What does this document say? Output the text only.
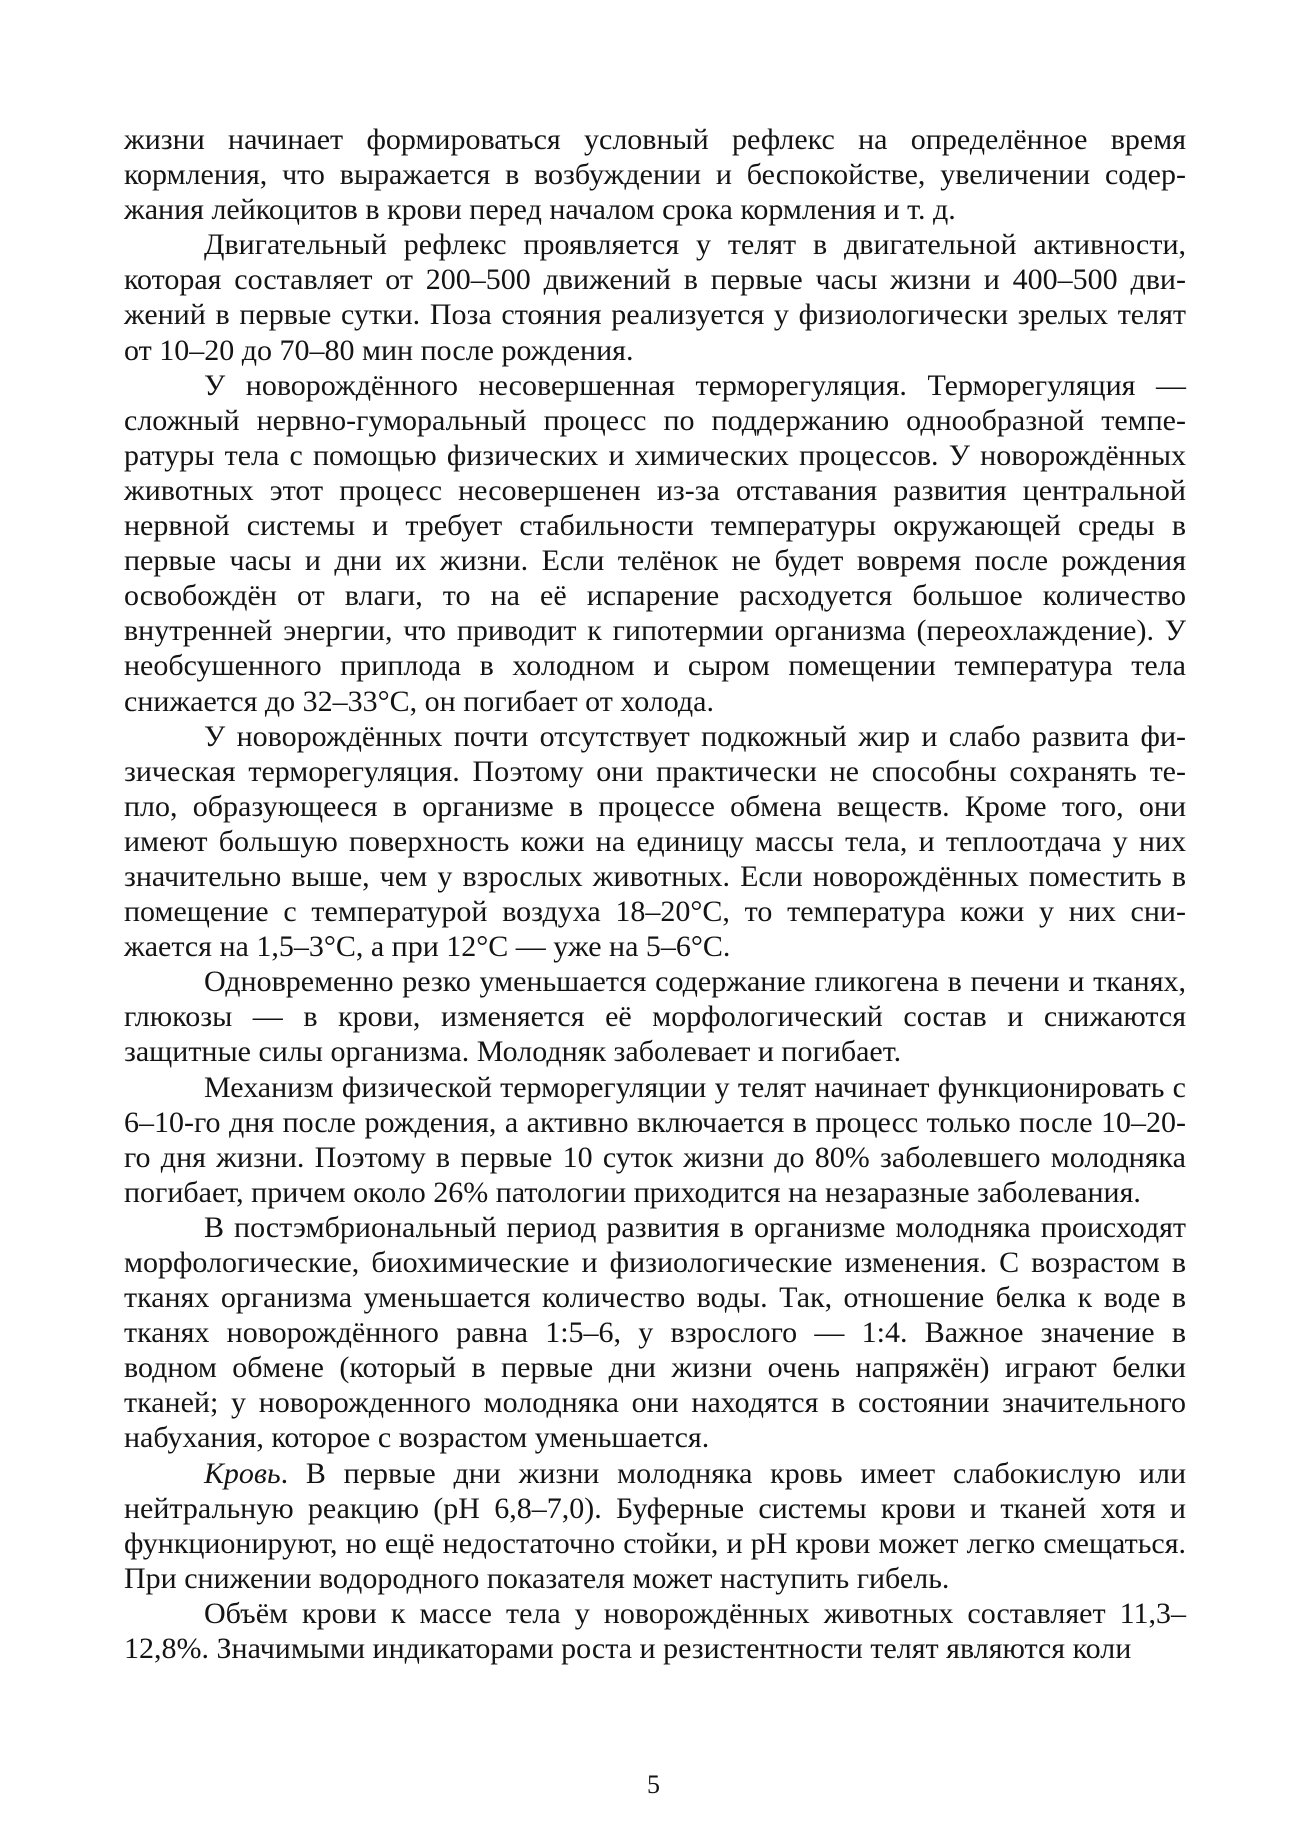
жизни начинает формироваться условный рефлекс на определённое время кормления, что выражается в возбуждении и беспокойстве, увеличении содержания лейкоцитов в крови перед началом срока кормления и т. д.

Двигательный рефлекс проявляется у телят в двигательной активности, которая составляет от 200–500 движений в первые часы жизни и 400–500 движений в первые сутки. Поза стояния реализуется у физиологически зрелых телят от 10–20 до 70–80 мин после рождения.

У новорождённого несовершенная терморегуляция. Терморегуляция — сложный нервно-гуморальный процесс по поддержанию однообразной температуры тела с помощью физических и химических процессов. У новорождённых животных этот процесс несовершенен из-за отставания развития центральной нервной системы и требует стабильности температуры окружающей среды в первые часы и дни их жизни. Если телёнок не будет вовремя после рождения освобождён от влаги, то на её испарение расходуется большое количество внутренней энергии, что приводит к гипотермии организма (переохлаждение). У необсушенного приплода в холодном и сыром помещении температура тела снижается до 32–33°С, он погибает от холода.

У новорождённых почти отсутствует подкожный жир и слабо развита физическая терморегуляция. Поэтому они практически не способны сохранять тепло, образующееся в организме в процессе обмена веществ. Кроме того, они имеют большую поверхность кожи на единицу массы тела, и теплоотдача у них значительно выше, чем у взрослых животных. Если новорождённых поместить в помещение с температурой воздуха 18–20°С, то температура кожи у них снижается на 1,5–3°С, а при 12°С — уже на 5–6°С.

Одновременно резко уменьшается содержание гликогена в печени и тканях, глюкозы — в крови, изменяется её морфологический состав и снижаются защитные силы организма. Молодняк заболевает и погибает.

Механизм физической терморегуляции у телят начинает функционировать с 6–10-го дня после рождения, а активно включается в процесс только после 10–20-го дня жизни. Поэтому в первые 10 суток жизни до 80% заболевшего молодняка погибает, причем около 26% патологии приходится на незаразные заболевания.

В постэмбриональный период развития в организме молодняка происходят морфологические, биохимические и физиологические изменения. С возрастом в тканях организма уменьшается количество воды. Так, отношение белка к воде в тканях новорождённого равна 1:5–6, у взрослого — 1:4. Важное значение в водном обмене (который в первые дни жизни очень напряжён) играют белки тканей; у новорожденного молодняка они находятся в состоянии значительного набухания, которое с возрастом уменьшается.

Кровь. В первые дни жизни молодняка кровь имеет слабокислую или нейтральную реакцию (рН 6,8–7,0). Буферные системы крови и тканей хотя и функционируют, но ещё недостаточно стойки, и рН крови может легко смещаться. При снижении водородного показателя может наступить гибель.

Объём крови к массе тела у новорождённых животных составляет 11,3–12,8%. Значимыми индикаторами роста и резистентности телят являются коли

5
